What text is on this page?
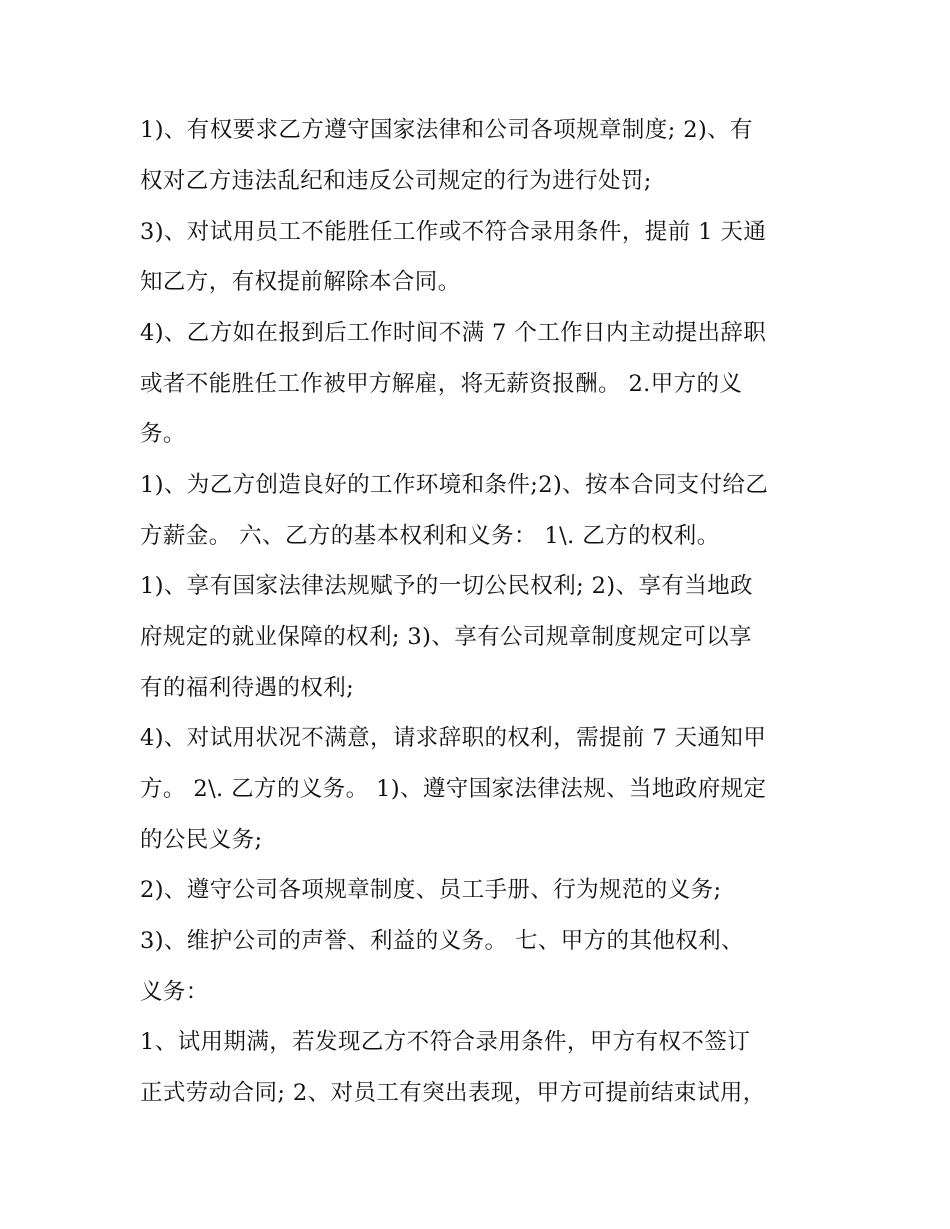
1)、有权要求乙方遵守国家法律和公司各项规章制度; 2)、有
权对乙方违法乱纪和违反公司规定的行为进行处罚;
3)、对试用员工不能胜任工作或不符合录用条件，提前 1 天通
知乙方，有权提前解除本合同。
4)、乙方如在报到后工作时间不满 7 个工作日内主动提出辞职
或者不能胜任工作被甲方解雇，将无薪资报酬。 2.甲方的义
务。
1)、为乙方创造良好的工作环境和条件;2)、按本合同支付给乙
方薪金。 六、乙方的基本权利和义务： 1\. 乙方的权利。
1)、享有国家法律法规赋予的一切公民权利; 2)、享有当地政
府规定的就业保障的权利; 3)、享有公司规章制度规定可以享
有的福利待遇的权利;
4)、对试用状况不满意，请求辞职的权利，需提前 7 天通知甲
方。 2\. 乙方的义务。 1)、遵守国家法律法规、当地政府规定
的公民义务;
2)、遵守公司各项规章制度、员工手册、行为规范的义务;
3)、维护公司的声誉、利益的义务。 七、甲方的其他权利、
义务：
1、试用期满，若发现乙方不符合录用条件，甲方有权不签订
正式劳动合同; 2、对员工有突出表现，甲方可提前结束试用，
